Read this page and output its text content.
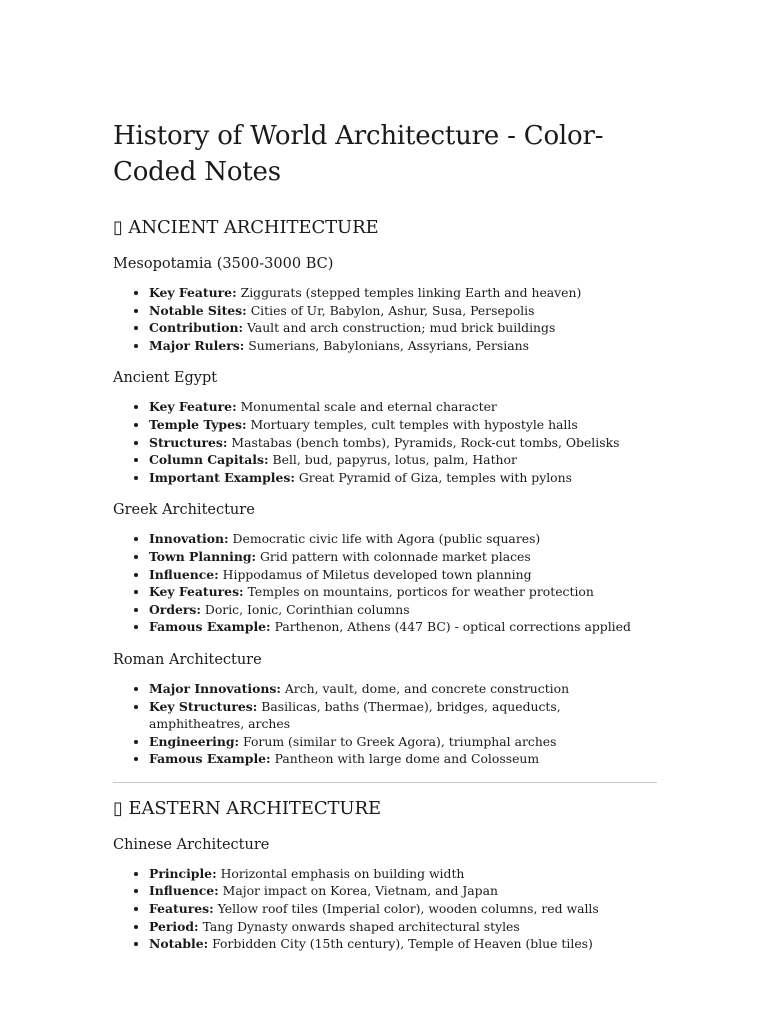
History of World Architecture - Color-Coded Notes
▯ ANCIENT ARCHITECTURE
Mesopotamia (3500-3000 BC)
• Key Feature: Ziggurats (stepped temples linking Earth and heaven)
• Notable Sites: Cities of Ur, Babylon, Ashur, Susa, Persepolis
• Contribution: Vault and arch construction; mud brick buildings
• Major Rulers: Sumerians, Babylonians, Assyrians, Persians
Ancient Egypt
• Key Feature: Monumental scale and eternal character
• Temple Types: Mortuary temples, cult temples with hypostyle halls
• Structures: Mastabas (bench tombs), Pyramids, Rock-cut tombs, Obelisks
• Column Capitals: Bell, bud, papyrus, lotus, palm, Hathor
• Important Examples: Great Pyramid of Giza, temples with pylons
Greek Architecture
• Innovation: Democratic civic life with Agora (public squares)
• Town Planning: Grid pattern with colonnade market places
• Influence: Hippodamus of Miletus developed town planning
• Key Features: Temples on mountains, porticos for weather protection
• Orders: Doric, Ionic, Corinthian columns
• Famous Example: Parthenon, Athens (447 BC) - optical corrections applied
Roman Architecture
• Major Innovations: Arch, vault, dome, and concrete construction
• Key Structures: Basilicas, baths (Thermae), bridges, aqueducts, amphitheatres, arches
• Engineering: Forum (similar to Greek Agora), triumphal arches
• Famous Example: Pantheon with large dome and Colosseum
▯ EASTERN ARCHITECTURE
Chinese Architecture
• Principle: Horizontal emphasis on building width
• Influence: Major impact on Korea, Vietnam, and Japan
• Features: Yellow roof tiles (Imperial color), wooden columns, red walls
• Period: Tang Dynasty onwards shaped architectural styles
• Notable: Forbidden City (15th century), Temple of Heaven (blue tiles)
